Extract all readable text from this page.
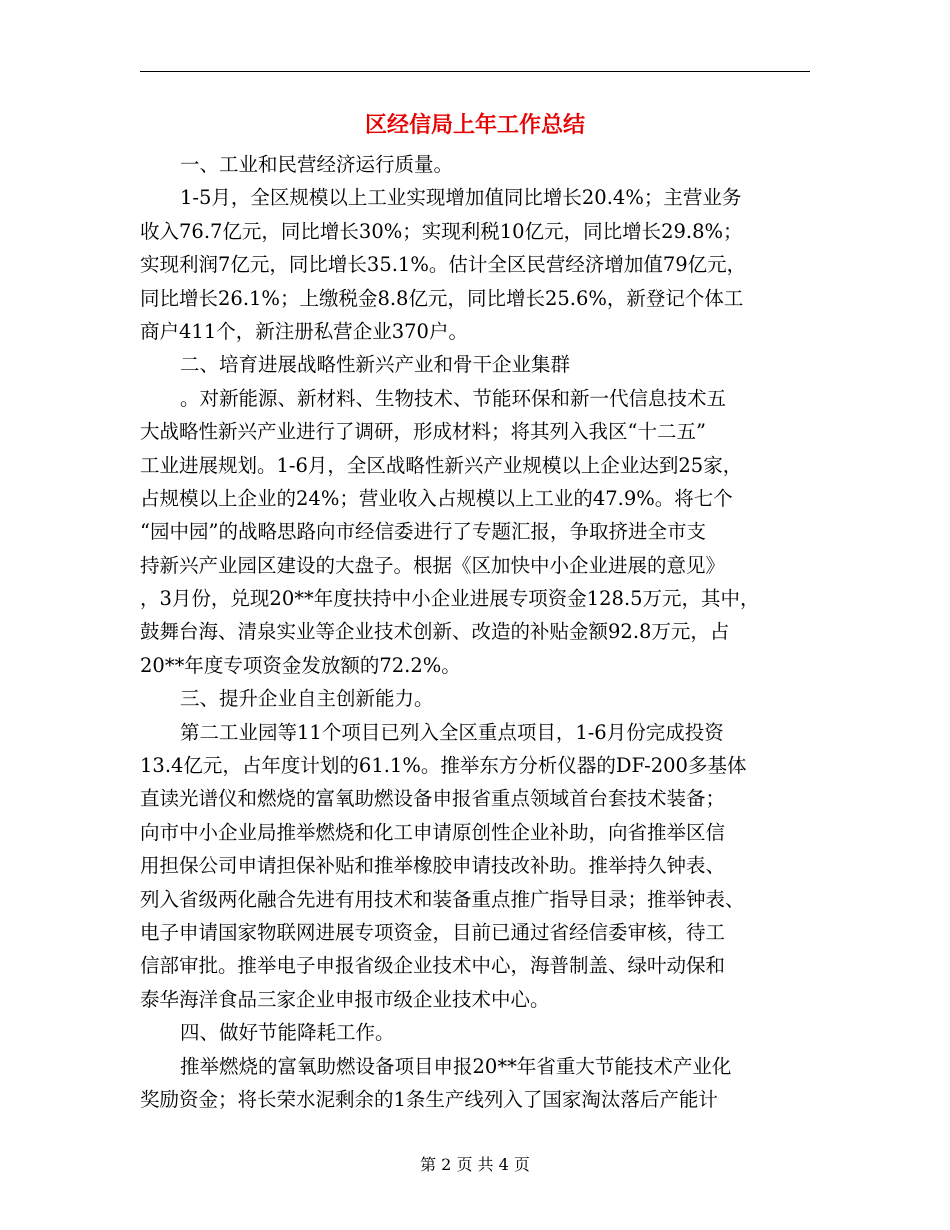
区经信局上年工作总结
一、工业和民营经济运行质量。
1-5月，全区规模以上工业实现增加值同比增长20.4%；主营业务
收入76.7亿元，同比增长30%；实现利税10亿元，同比增长29.8%；
实现利润7亿元，同比增长35.1%。估计全区民营经济增加值79亿元，
同比增长26.1%；上缴税金8.8亿元，同比增长25.6%，新登记个体工
商户411个，新注册私营企业370户。
二、培育进展战略性新兴产业和骨干企业集群
。对新能源、新材料、生物技术、节能环保和新一代信息技术五
大战略性新兴产业进行了调研，形成材料；将其列入我区“十二五”
工业进展规划。1-6月，全区战略性新兴产业规模以上企业达到25家，
占规模以上企业的24%；营业收入占规模以上工业的47.9%。将七个
“园中园”的战略思路向市经信委进行了专题汇报，争取挤进全市支
持新兴产业园区建设的大盘子。根据《区加快中小企业进展的意见》
，3月份，兑现20**年度扶持中小企业进展专项资金128.5万元，其中，
鼓舞台海、清泉实业等企业技术创新、改造的补贴金额92.8万元，占
20**年度专项资金发放额的72.2%。
三、提升企业自主创新能力。
第二工业园等11个项目已列入全区重点项目，1-6月份完成投资
13.4亿元，占年度计划的61.1%。推举东方分析仪器的DF-200多基体
直读光谱仪和燃烧的富氧助燃设备申报省重点领域首台套技术装备；
向市中小企业局推举燃烧和化工申请原创性企业补助，向省推举区信
用担保公司申请担保补贴和推举橡胶申请技改补助。推举持久钟表、
列入省级两化融合先进有用技术和装备重点推广指导目录；推举钟表、
电子申请国家物联网进展专项资金，目前已通过省经信委审核，待工
信部审批。推举电子申报省级企业技术中心，海普制盖、绿叶动保和
泰华海洋食品三家企业申报市级企业技术中心。
四、做好节能降耗工作。
推举燃烧的富氧助燃设备项目申报20**年省重大节能技术产业化
奖励资金；将长荣水泥剩余的1条生产线列入了国家淘汰落后产能计
第 2 页 共 4 页
